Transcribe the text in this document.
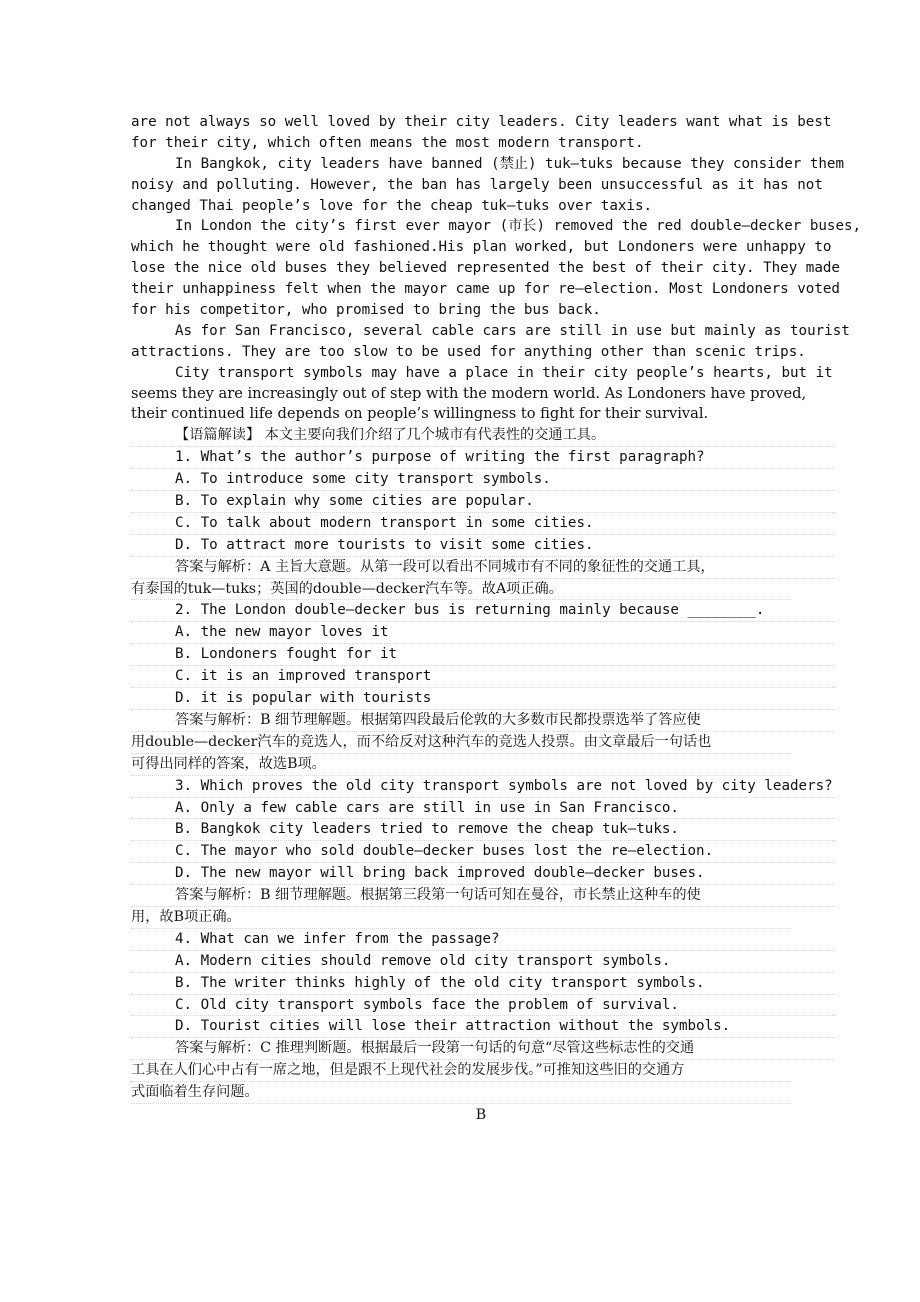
are not always so well loved by their city leaders. City leaders want what is best
for their city, which often means the most modern transport.
In Bangkok, city leaders have banned (禁止) tuk—tuks because they consider them
noisy and polluting. However, the ban has largely been unsuccessful as it has not
changed Thai people’s love for the cheap tuk—tuks over taxis.
In London the city’s first ever mayor (市长) removed the red double—decker buses,
which he thought were old fashioned.His plan worked, but Londoners were unhappy to
lose the nice old buses they believed represented the best of their city. They made
their unhappiness felt when the mayor came up for re—election. Most Londoners voted
for his competitor, who promised to bring the bus back.
As for San Francisco, several cable cars are still in use but mainly as tourist
attractions. They are too slow to be used for anything other than scenic trips.
City transport symbols may have a place in their city people’s hearts, but it
seems they are increasingly out of step with the modern world. As Londoners have proved,
their continued life depends on people’s willingness to fight for their survival.
【语篇解读】 本文主要向我们介绍了几个城市有代表性的交通工具。
1. What’s the author’s purpose of writing the first paragraph?
A. To introduce some city transport symbols.
B. To explain why some cities are popular.
C. To talk about modern transport in some cities.
D. To attract more tourists to visit some cities.
答案与解析：A 主旨大意题。从第一段可以看出不同城市有不同的象征性的交通工具，
有泰国的tuk—tuks；英国的double—decker汽车等。故A项正确。
2. The London double—decker bus is returning mainly because ________.
A. the new mayor loves it
B. Londoners fought for it
C. it is an improved transport
D. it is popular with tourists
答案与解析：B 细节理解题。根据第四段最后伦敦的大多数市民都投票选举了答应使
用double—decker汽车的竞选人，而不给反对这种汽车的竞选人投票。由文章最后一句话也
可得出同样的答案，故选B项。
3. Which proves the old city transport symbols are not loved by city leaders?
A. Only a few cable cars are still in use in San Francisco.
B. Bangkok city leaders tried to remove the cheap tuk—tuks.
C. The mayor who sold double—decker buses lost the re—election.
D. The new mayor will bring back improved double—decker buses.
答案与解析：B 细节理解题。根据第三段第一句话可知在曼谷，市长禁止这种车的使
用，故B项正确。
4. What can we infer from the passage?
A. Modern cities should remove old city transport symbols.
B. The writer thinks highly of the old city transport symbols.
C. Old city transport symbols face the problem of survival.
D. Tourist cities will lose their attraction without the symbols.
答案与解析：C 推理判断题。根据最后一段第一句话的句意“尽管这些标志性的交通
工具在人们心中占有一席之地，但是跟不上现代社会的发展步伐。”可推知这些旧的交通方
式面临着生存问题。
B
